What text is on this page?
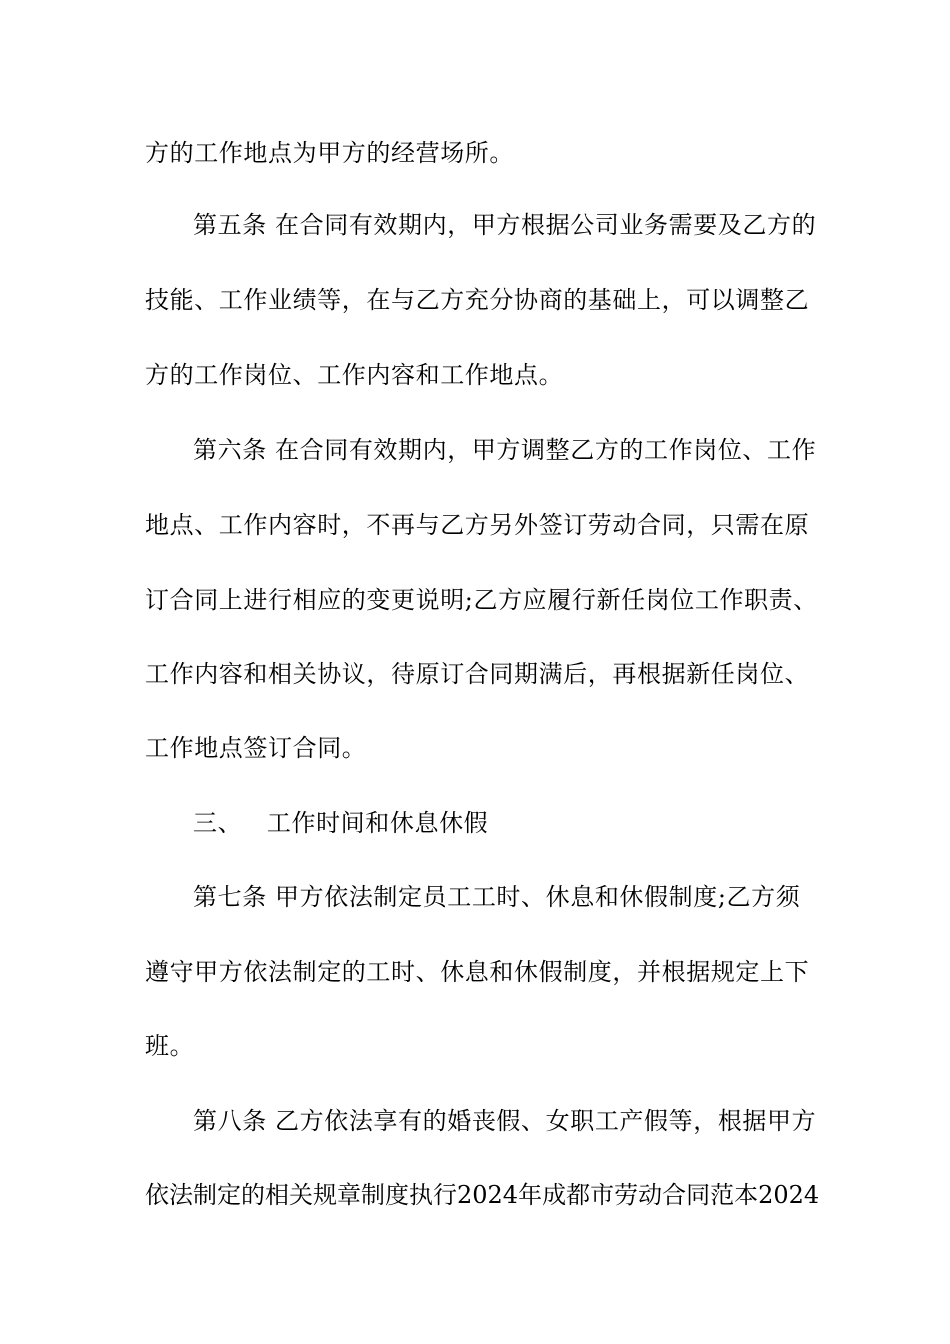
方的工作地点为甲方的经营场所。

第五条 在合同有效期内，甲方根据公司业务需要及乙方的

技能、工作业绩等，在与乙方充分协商的基础上，可以调整乙

方的工作岗位、工作内容和工作地点。

第六条 在合同有效期内，甲方调整乙方的工作岗位、工作

地点、工作内容时，不再与乙方另外签订劳动合同，只需在原

订合同上进行相应的变更说明;乙方应履行新任岗位工作职责、

工作内容和相关协议，待原订合同期满后，再根据新任岗位、

工作地点签订合同。

三、   工作时间和休息休假

第七条 甲方依法制定员工工时、休息和休假制度;乙方须

遵守甲方依法制定的工时、休息和休假制度，并根据规定上下

班。

第八条 乙方依法享有的婚丧假、女职工产假等，根据甲方

依法制定的相关规章制度执行2024年成都市劳动合同范本2024
